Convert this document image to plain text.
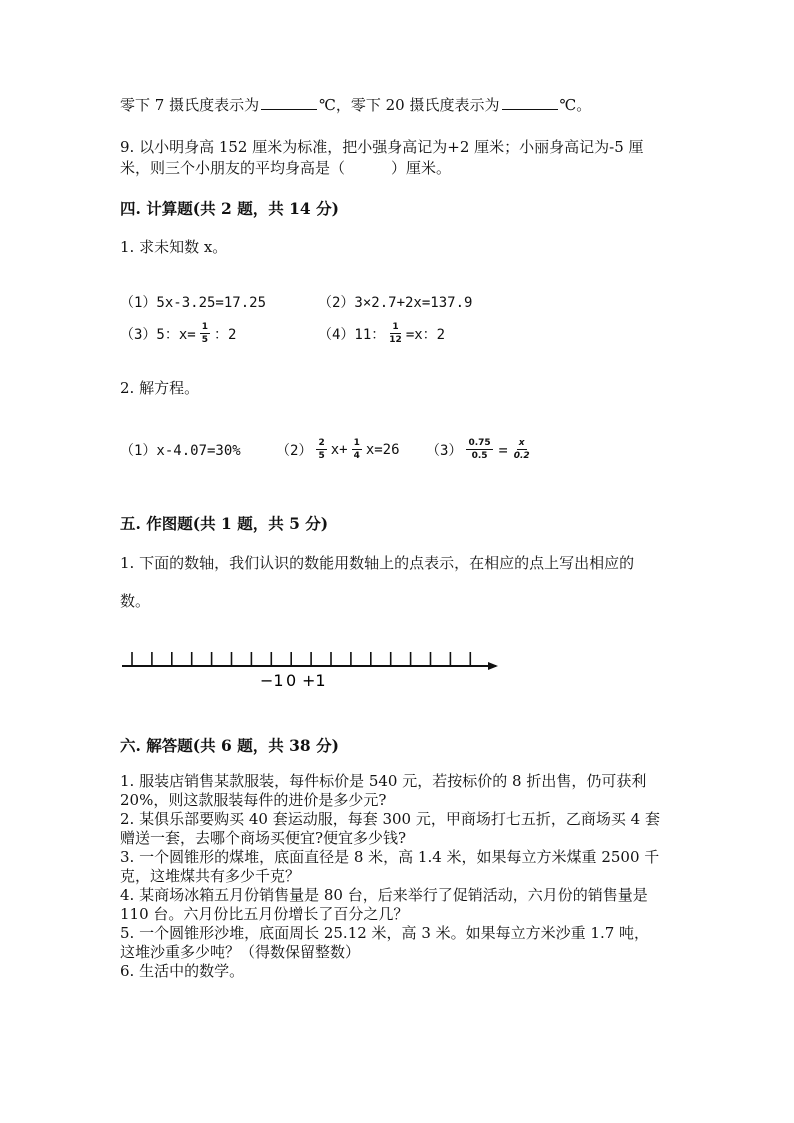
零下 7 摄氏度表示为	℃，零下 20 摄氏度表示为	℃。
9. 以小明身高 152 厘米为标准，把小强身高记为+2 厘米；小丽身高记为-5 厘
米，则三个小朋友的平均身高是（	）厘米。
四. 计算题(共 2 题，共 14 分)
1. 求未知数 x。
（1）5x-3.25=17.25	（2）3×2.7+2x=137.9
（3）5：$x= \frac{1}{5}$ ：2	（4）11： $\frac{1}{12} =x$：2
2. 解方程。
（1）x-4.07=30%	$(2) \frac{2}{5} x+ \frac{1}{4} x=26$ $(3) \frac{0.75}{0.5} = \frac{x}{0.2}$
五. 作图题(共 1 题，共 5 分)
1. 下面的数轴，我们认识的数能用数轴上的点表示，在相应的点上写出相应的
数。
−1 0 +1
六. 解答题(共 6 题，共 38 分)
1. 服装店销售某款服装，每件标价是 540 元，若按标价的 8 折出售，仍可获利
20%，则这款服装每件的进价是多少元?
2. 某俱乐部要购买 40 套运动服，每套 300 元，甲商场打七五折，乙商场买 4 套
赠送一套，去哪个商场买便宜?便宜多少钱?
3. 一个圆锥形的煤堆，底面直径是 8 米，高 1.4 米，如果每立方米煤重 2500 千
克，这堆煤共有多少千克？
4. 某商场冰箱五月份销售量是 80 台，后来举行了促销活动，六月份的销售量是
110 台。六月份比五月份增长了百分之几？
5. 一个圆锥形沙堆，底面周长 25.12 米，高 3 米。如果每立方米沙重 1.7 吨，
这堆沙重多少吨？（得数保留整数）
6. 生活中的数学。
